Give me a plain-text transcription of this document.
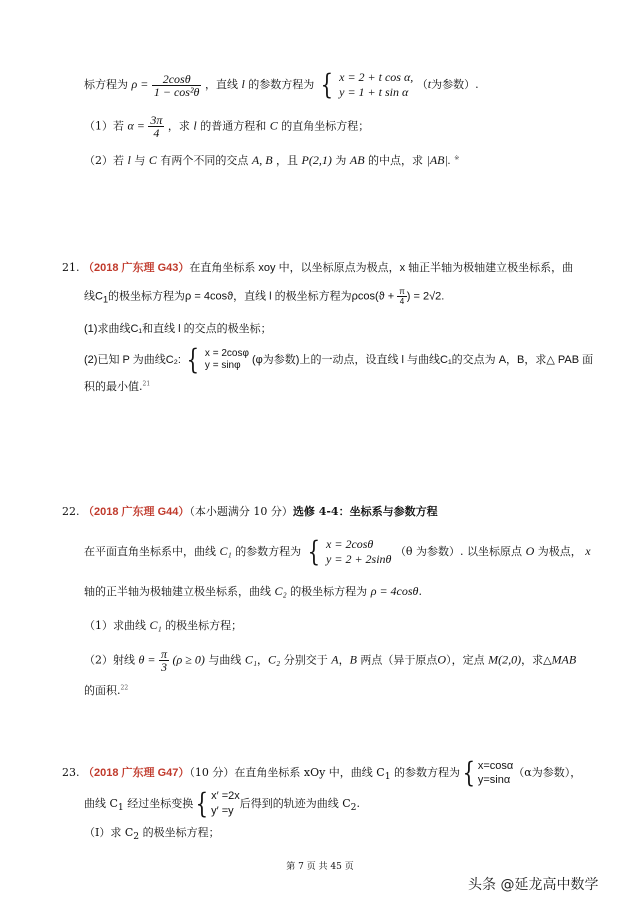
标方程为 $\rho = \frac{2\cos\theta}{\text{1 − cos²θ}}$ ，直线 l 的参数方程为 { x = 2 + t cos α,
y = 1 + t sin α
（t为参数）.
（1）若 $\alpha = \frac{3\pi}{4}$ ，求 l 的普通方程和 C 的直角坐标方程；
（2）若 l 与 C 有两个不同的交点 A, B ，且 P(2,1) 为 AB 的中点，求 |AB|. ※
21. （2018 广东理 G43）在直角坐标系 xoy 中，以坐标原点为极点，x 轴正半轴为极轴建立极坐标系，曲
线$C_1$的极坐标方程为ρ = 4cosϑ，直线 l 的极坐标方程为$\rho\cos(ϑ + \frac{\pi}{4}$ ) = 2√2.
(1)求曲线C₁和直线 l 的交点的极坐标；
(2)已知 P 为曲线C₂: { x = 2cosφ
y = sinφ	(φ为参数)上的一动点，设直线 l 与曲线C₁的交点为 A，B，求△ PAB 面
积的最小值.$^{21}$
22. （2018 广东理 G44）（本小题满分 10 分）选修 4-4：坐标系与参数方程
在平面直角坐标系中，曲线 C₁ 的参数方程为 { x = 2cosθ
y = 2 + 2sinθ
（θ 为参数）. 以坐标原点 O 为极点， x
轴的正半轴为极轴建立极坐标系，曲线 C₂ 的极坐标方程为 ρ = 4cosθ.
（1）求曲线 C₁ 的极坐标方程；
（2）射线 $\theta = \frac{\pi}{3} (\rho \ge 0)$ 与曲线 C₁，C₂ 分别交于 A，B 两点（异于原点O），定点 M(2,0)，求△MAB
的面积.$^{22}$
23. （2018 广东理 G47）（10 分）在直角坐标系 xOy 中，曲线 $C_1$ 的参数方程为{ x=cosα
y=sinα
（α为参数），
曲线 $C_1$ 经过坐标变换{ x′ =2x
y′ =y
后得到的轨迹为曲线 $C_2$.
（Ⅰ）求 $C_2$ 的极坐标方程；
第 7 页 共 45 页
头条 @延龙高中数学
